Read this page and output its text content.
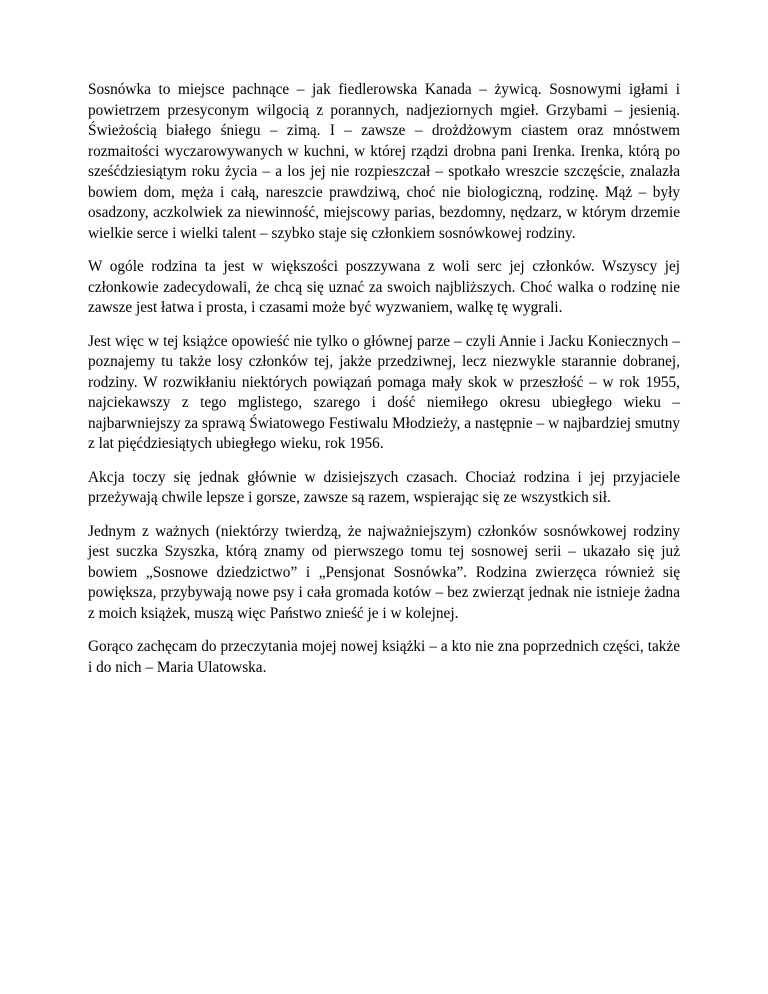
Sosnówka to miejsce pachnące – jak fiedlerowska Kanada – żywicą. Sosnowymi igłami i powietrzem przesyconym wilgocią z porannych, nadjeziornych mgieł. Grzybami – jesienią. Świeżością białego śniegu – zimą. I – zawsze – drożdżowym ciastem oraz mnóstwem rozmaitości wyczarowywanych w kuchni, w której rządzi drobna pani Irenka. Irenka, którą po sześćdziesiątym roku życia – a los jej nie rozpieszczał – spotkało wreszcie szczęście, znalazła bowiem dom, męża i całą, nareszcie prawdziwą, choć nie biologiczną, rodzinę. Mąż – były osadzony, aczkolwiek za niewinność, miejscowy parias, bezdomny, nędzarz, w którym drzemie wielkie serce i wielki talent – szybko staje się członkiem sosnówkowej rodziny.

W ogóle rodzina ta jest w większości poszzywana z woli serc jej członków. Wszyscy jej członkowie zadecydowali, że chcą się uznać za swoich najbliższych. Choć walka o rodzinę nie zawsze jest łatwa i prosta, i czasami może być wyzwaniem, walkę tę wygrali.

Jest więc w tej książce opowieść nie tylko o głównej parze – czyli Annie i Jacku Koniecznych – poznajemy tu także losy członków tej, jakże przedziwnej, lecz niezwykle starannie dobranej, rodziny. W rozwikłaniu niektórych powiązań pomaga mały skok w przeszłość – w rok 1955, najciekawszy z tego mglistego, szarego i dość niemiłego okresu ubiegłego wieku – najbarwniejszy za sprawą Światowego Festiwalu Młodzieży, a następnie – w najbardziej smutny z lat pięćdziesiątych ubiegłego wieku, rok 1956.

Akcja toczy się jednak głównie w dzisiejszych czasach. Chociaż rodzina i jej przyjaciele przeżywają chwile lepsze i gorsze, zawsze są razem, wspierając się ze wszystkich sił.

Jednym z ważnych (niektórzy twierdzą, że najważniejszym) członków sosnówkowej rodziny jest suczka Szyszka, którą znamy od pierwszego tomu tej sosnowej serii – ukazało się już bowiem „Sosnowe dziedzictwo” i „Pensjonat Sosnówka”. Rodzina zwierzęca również się powiększa, przybywają nowe psy i cała gromada kotów – bez zwierząt jednak nie istnieje żadna z moich książek, muszą więc Państwo znieść je i w kolejnej.

Gorąco zachęcam do przeczytania mojej nowej książki – a kto nie zna poprzednich części, także i do nich – Maria Ulatowska.
